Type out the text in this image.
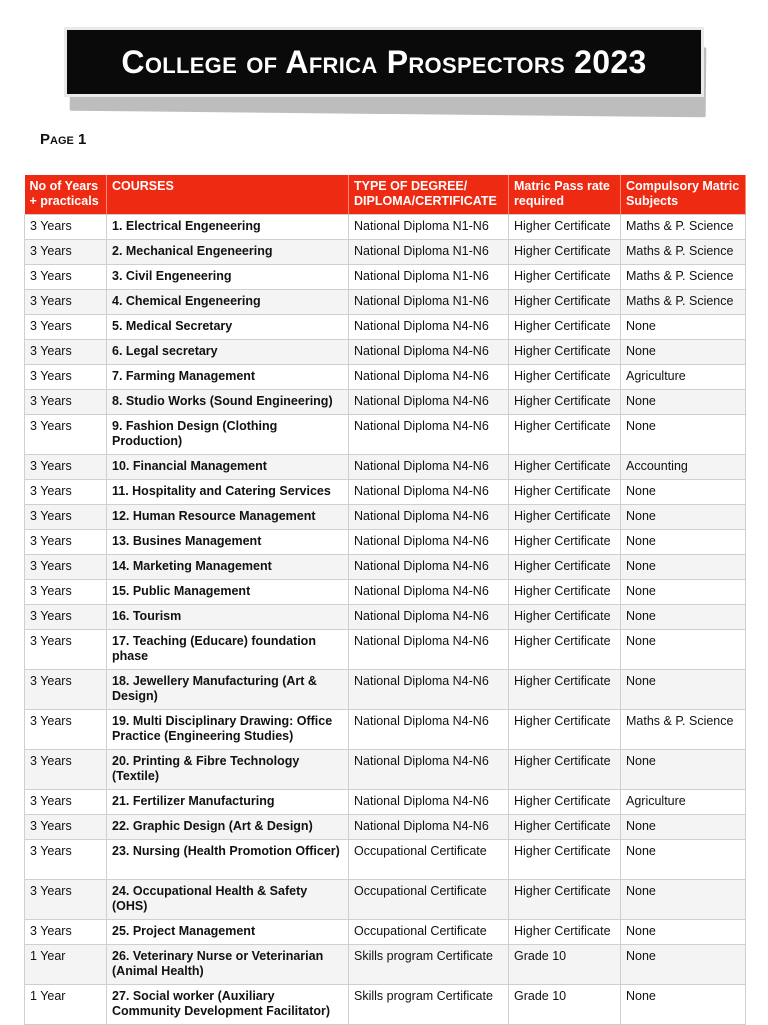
College of Africa Prospectors 2023

Page 1

No of Years + practicals	COURSES	TYPE OF DEGREE/ DIPLOMA/CERTIFICATE	Matric Pass rate required	Compulsory Matric Subjects
3 Years	1. Electrical Engeneering	National Diploma N1-N6	Higher Certificate	Maths & P. Science
3 Years	2. Mechanical Engeneering	National Diploma N1-N6	Higher Certificate	Maths & P. Science
3 Years	3. Civil Engeneering	National Diploma N1-N6	Higher Certificate	Maths & P. Science
3 Years	4. Chemical Engeneering	National Diploma N1-N6	Higher Certificate	Maths & P. Science
3 Years	5. Medical Secretary	National Diploma N4-N6	Higher Certificate	None
3 Years	6. Legal secretary	National Diploma N4-N6	Higher Certificate	None
3 Years	7. Farming Management	National Diploma N4-N6	Higher Certificate	Agriculture
3 Years	8. Studio Works (Sound Engineering)	National Diploma N4-N6	Higher Certificate	None
3 Years	9. Fashion Design (Clothing Production)	National Diploma N4-N6	Higher Certificate	None
3 Years	10. Financial Management	National Diploma N4-N6	Higher Certificate	Accounting
3 Years	11. Hospitality and Catering Services	National Diploma N4-N6	Higher Certificate	None
3 Years	12. Human Resource Management	National Diploma N4-N6	Higher Certificate	None
3 Years	13. Busines Management	National Diploma N4-N6	Higher Certificate	None
3 Years	14. Marketing Management	National Diploma N4-N6	Higher Certificate	None
3 Years	15. Public Management	National Diploma N4-N6	Higher Certificate	None
3 Years	16. Tourism	National Diploma N4-N6	Higher Certificate	None
3 Years	17. Teaching (Educare) foundation phase	National Diploma N4-N6	Higher Certificate	None
3 Years	18. Jewellery Manufacturing (Art & Design)	National Diploma N4-N6	Higher Certificate	None
3 Years	19. Multi Disciplinary Drawing: Office Practice (Engineering Studies)	National Diploma N4-N6	Higher Certificate	Maths & P. Science
3 Years	20. Printing & Fibre Technology (Textile)	National Diploma N4-N6	Higher Certificate	None
3 Years	21. Fertilizer Manufacturing	National Diploma N4-N6	Higher Certificate	Agriculture
3 Years	22. Graphic Design (Art & Design)	National Diploma N4-N6	Higher Certificate	None
3 Years	23. Nursing (Health Promotion Officer)	Occupational Certificate	Higher Certificate	None
3 Years	24. Occupational Health & Safety (OHS)	Occupational Certificate	Higher Certificate	None
3 Years	25. Project Management	Occupational Certificate	Higher Certificate	None
1 Year	26. Veterinary Nurse or Veterinarian (Animal Health)	Skills program Certificate	Grade 10	None
1 Year	27. Social worker (Auxiliary Community Development Facilitator)	Skills program Certificate	Grade 10	None
